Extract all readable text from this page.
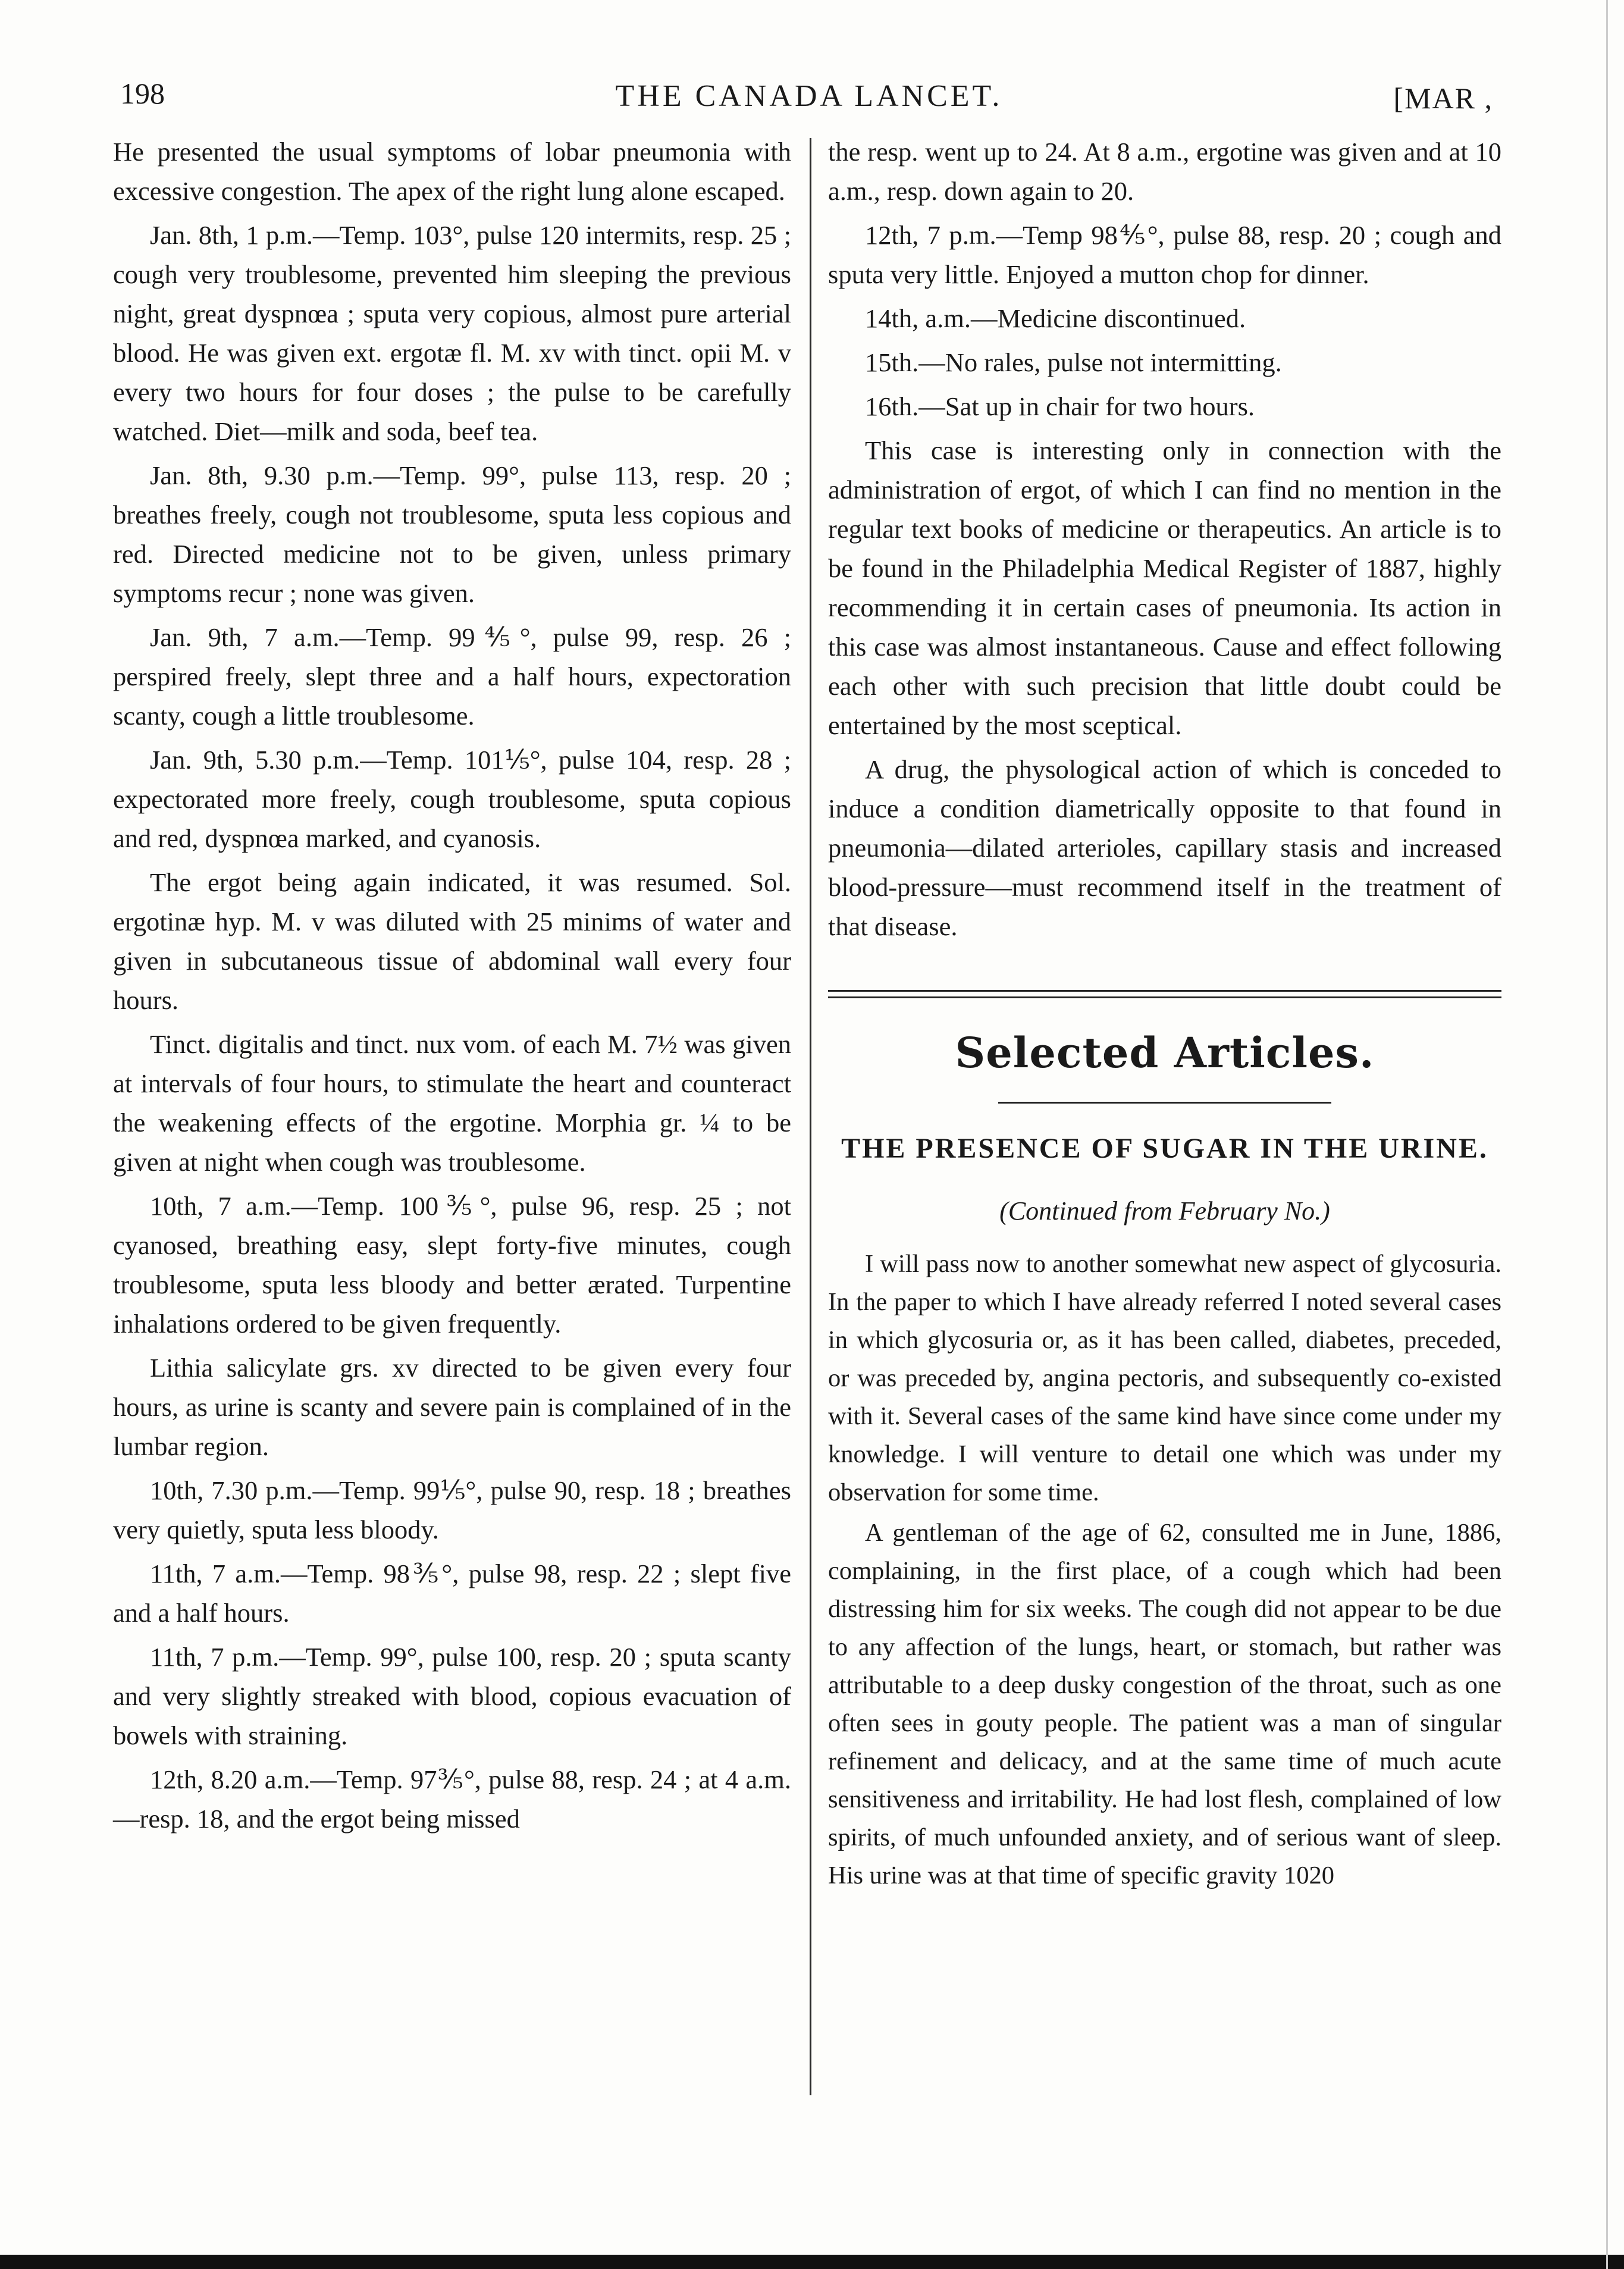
198	THE CANADA LANCET.	[MAR ,

He presented the usual symptoms of lobar pneumonia with excessive congestion. The apex of the right lung alone escaped.

Jan. 8th, 1 p.m.—Temp. 103°, pulse 120 intermits, resp. 25 ; cough very troublesome, prevented him sleeping the previous night, great dyspnœa ; sputa very copious, almost pure arterial blood. He was given ext. ergotæ fl. M. xv with tinct. opii M. v every two hours for four doses ; the pulse to be carefully watched. Diet—milk and soda, beef tea.

Jan. 8th, 9.30 p.m.—Temp. 99°, pulse 113, resp. 20 ; breathes freely, cough not troublesome, sputa less copious and red. Directed medicine not to be given, unless primary symptoms recur ; none was given.

Jan. 9th, 7 a.m.—Temp. 99⅘°, pulse 99, resp. 26 ; perspired freely, slept three and a half hours, expectoration scanty, cough a little troublesome.

Jan. 9th, 5.30 p.m.—Temp. 101⅕°, pulse 104, resp. 28 ; expectorated more freely, cough troublesome, sputa copious and red, dyspnœa marked, and cyanosis.

The ergot being again indicated, it was resumed. Sol. ergotinæ hyp. M. v was diluted with 25 minims of water and given in subcutaneous tissue of abdominal wall every four hours.

Tinct. digitalis and tinct. nux vom. of each M. 7½ was given at intervals of four hours, to stimulate the heart and counteract the weakening effects of the ergotine. Morphia gr. ¼ to be given at night when cough was troublesome.

10th, 7 a.m.—Temp. 100⅗°, pulse 96, resp. 25 ; not cyanosed, breathing easy, slept forty-five minutes, cough troublesome, sputa less bloody and better ærated. Turpentine inhalations ordered to be given frequently.

Lithia salicylate grs. xv directed to be given every four hours, as urine is scanty and severe pain is complained of in the lumbar region.

10th, 7.30 p.m.—Temp. 99⅕°, pulse 90, resp. 18 ; breathes very quietly, sputa less bloody.

11th, 7 a.m.—Temp. 98⅗°, pulse 98, resp. 22 ; slept five and a half hours.

11th, 7 p.m.—Temp. 99°, pulse 100, resp. 20 ; sputa scanty and very slightly streaked with blood, copious evacuation of bowels with straining.

12th, 8.20 a.m.—Temp. 97⅗°, pulse 88, resp. 24 ; at 4 a.m.—resp. 18, and the ergot being missed

the resp. went up to 24. At 8 a.m., ergotine was given and at 10 a.m., resp. down again to 20.

12th, 7 p.m.—Temp 98⅘°, pulse 88, resp. 20 ; cough and sputa very little. Enjoyed a mutton chop for dinner.

14th, a.m.—Medicine discontinued.

15th.—No rales, pulse not intermitting.

16th.—Sat up in chair for two hours.

This case is interesting only in connection with the administration of ergot, of which I can find no mention in the regular text books of medicine or therapeutics. An article is to be found in the Philadelphia Medical Register of 1887, highly recommending it in certain cases of pneumonia. Its action in this case was almost instantaneous. Cause and effect following each other with such precision that little doubt could be entertained by the most sceptical.

A drug, the physological action of which is conceded to induce a condition diametrically opposite to that found in pneumonia—dilated arterioles, capillary stasis and increased blood-pressure—must recommend itself in the treatment of that disease.

Selected Articles.
THE PRESENCE OF SUGAR IN THE URINE.
(Continued from February No.)

I will pass now to another somewhat new aspect of glycosuria. In the paper to which I have already referred I noted several cases in which glycosuria or, as it has been called, diabetes, preceded, or was preceded by, angina pectoris, and subsequently co-existed with it. Several cases of the same kind have since come under my knowledge. I will venture to detail one which was under my observation for some time.

A gentleman of the age of 62, consulted me in June, 1886, complaining, in the first place, of a cough which had been distressing him for six weeks. The cough did not appear to be due to any affection of the lungs, heart, or stomach, but rather was attributable to a deep dusky congestion of the throat, such as one often sees in gouty people. The patient was a man of singular refinement and delicacy, and at the same time of much acute sensitiveness and irritability. He had lost flesh, complained of low spirits, of much unfounded anxiety, and of serious want of sleep. His urine was at that time of specific gravity 1020
